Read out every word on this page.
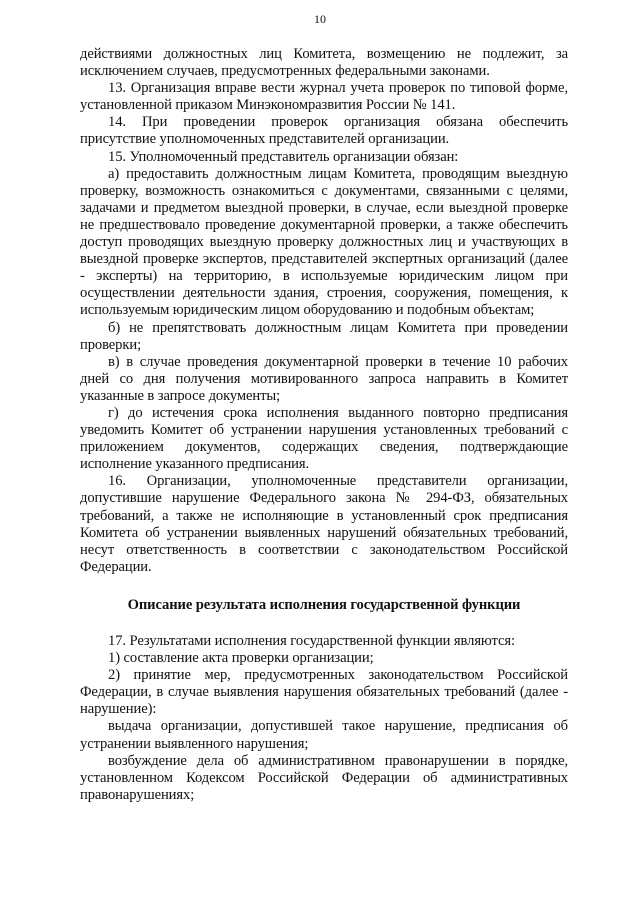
10

действиями должностных лиц Комитета, возмещению не подлежит, за исключением случаев, предусмотренных федеральными законами.

13. Организация вправе вести журнал учета проверок по типовой форме, установленной приказом Минэкономразвития России № 141.

14. При проведении проверок организация обязана обеспечить присутствие уполномоченных представителей организации.

15. Уполномоченный представитель организации обязан:

а) предоставить должностным лицам Комитета, проводящим выездную проверку, возможность ознакомиться с документами, связанными с целями, задачами и предметом выездной проверки, в случае, если выездной проверке не предшествовало проведение документарной проверки, а также обеспечить доступ проводящих выездную проверку должностных лиц и участвующих в выездной проверке экспертов, представителей экспертных организаций (далее - эксперты) на территорию, в используемые юридическим лицом при осуществлении деятельности здания, строения, сооружения, помещения, к используемым юридическим лицом оборудованию и подобным объектам;

б) не препятствовать должностным лицам Комитета при проведении проверки;

в) в случае проведения документарной проверки в течение 10 рабочих дней со дня получения мотивированного запроса направить в Комитет указанные в запросе документы;

г) до истечения срока исполнения выданного повторно предписания уведомить Комитет об устранении нарушения установленных требований с приложением документов, содержащих сведения, подтверждающие исполнение указанного предписания.

16. Организации, уполномоченные представители организации, допустившие нарушение Федерального закона № 294-ФЗ, обязательных требований, а также не исполняющие в установленный срок предписания Комитета об устранении выявленных нарушений обязательных требований, несут ответственность в соответствии с законодательством Российской Федерации.

Описание результата исполнения государственной функции

17. Результатами исполнения государственной функции являются:

1) составление акта проверки организации;

2) принятие мер, предусмотренных законодательством Российской Федерации, в случае выявления нарушения обязательных требований (далее - нарушение):

выдача организации, допустившей такое нарушение, предписания об устранении выявленного нарушения;

возбуждение дела об административном правонарушении в порядке, установленном Кодексом Российской Федерации об административных правонарушениях;
